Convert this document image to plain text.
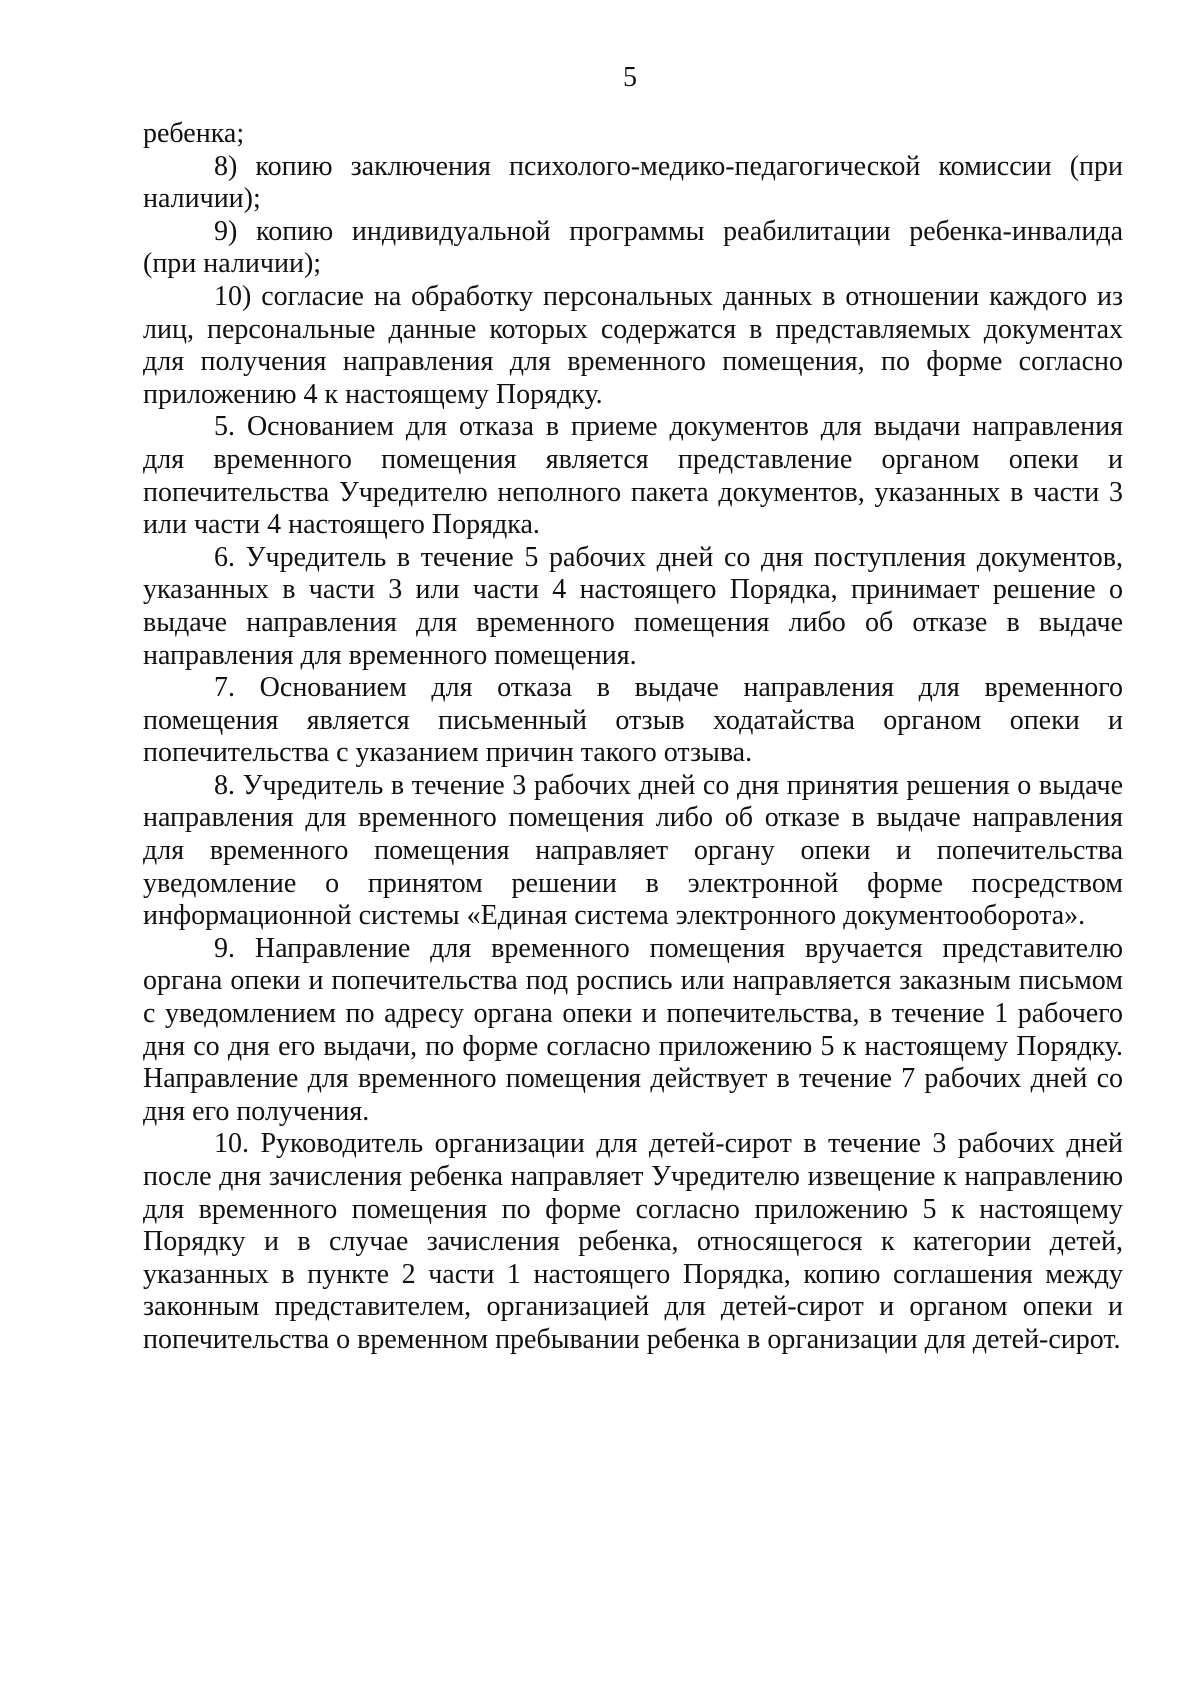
5

ребенка;

8) копию заключения психолого-медико-педагогической комиссии (при наличии);

9) копию индивидуальной программы реабилитации ребенка-инвалида (при наличии);

10) согласие на обработку персональных данных в отношении каждого из лиц, персональные данные которых содержатся в представляемых документах для получения направления для временного помещения, по форме согласно приложению 4 к настоящему Порядку.

5. Основанием для отказа в приеме документов для выдачи направления для временного помещения является представление органом опеки и попечительства Учредителю неполного пакета документов, указанных в части 3 или части 4 настоящего Порядка.

6. Учредитель в течение 5 рабочих дней со дня поступления документов, указанных в части 3 или части 4 настоящего Порядка, принимает решение о выдаче направления для временного помещения либо об отказе в выдаче направления для временного помещения.

7. Основанием для отказа в выдаче направления для временного помещения является письменный отзыв ходатайства органом опеки и попечительства с указанием причин такого отзыва.

8. Учредитель в течение 3 рабочих дней со дня принятия решения о выдаче направления для временного помещения либо об отказе в выдаче направления для временного помещения направляет органу опеки и попечительства уведомление о принятом решении в электронной форме посредством информационной системы «Единая система электронного документооборота».

9. Направление для временного помещения вручается представителю органа опеки и попечительства под роспись или направляется заказным письмом с уведомлением по адресу органа опеки и попечительства, в течение 1 рабочего дня со дня его выдачи, по форме согласно приложению 5 к настоящему Порядку. Направление для временного помещения действует в течение 7 рабочих дней со дня его получения.

10. Руководитель организации для детей-сирот в течение 3 рабочих дней после дня зачисления ребенка направляет Учредителю извещение к направлению для временного помещения по форме согласно приложению 5 к настоящему Порядку и в случае зачисления ребенка, относящегося к категории детей, указанных в пункте 2 части 1 настоящего Порядка, копию соглашения между законным представителем, организацией для детей-сирот и органом опеки и попечительства о временном пребывании ребенка в организации для детей-сирот.
